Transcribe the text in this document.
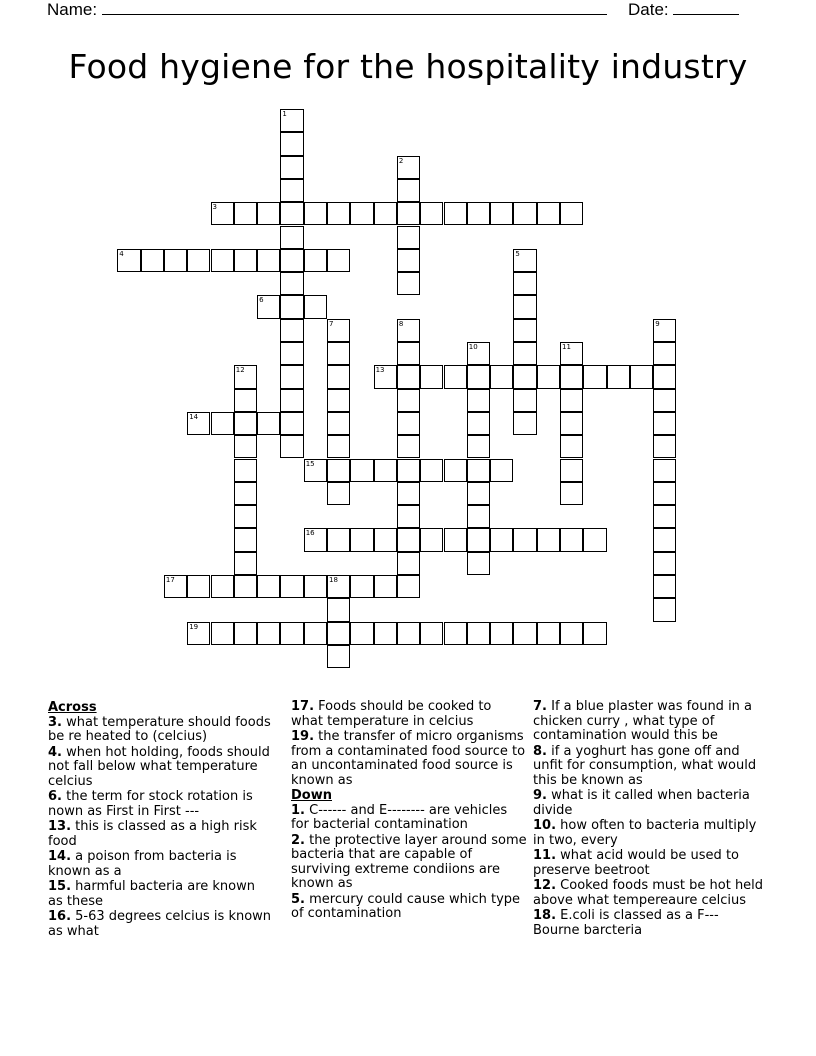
Name:	Date:
Food hygiene for the hospitality industry
1
2
3
4	5
6
7	8	9
10	11
12	13
14
15
16
17	18
19
Across
3. what temperature should foods be re heated to (celcius)
4. when hot holding, foods should not fall below what temperature celcius
6. the term for stock rotation is nown as First in First ---
13. this is classed as a high risk food
14. a poison from bacteria is known as a
15. harmful bacteria are known as these
16. 5-63 degrees celcius is known as what
17. Foods should be cooked to what temperature in celcius
19. the transfer of micro organisms from a contaminated food source to an uncontaminated food source is known as
Down
1. C------ and E-------- are vehicles for bacterial contamination
2. the protective layer around some bacteria that are capable of surviving extreme condiions are known as
5. mercury could cause which type of contamination
7. If a blue plaster was found in a chicken curry , what type of contamination would this be
8. if a yoghurt has gone off and unfit for consumption, what would this be known as
9. what is it called when bacteria divide
10. how often to bacteria multiply in two, every
11. what acid would be used to preserve beetroot
12. Cooked foods must be hot held above what tempereaure celcius
18. E.coli is classed as a F--- Bourne barcteria
